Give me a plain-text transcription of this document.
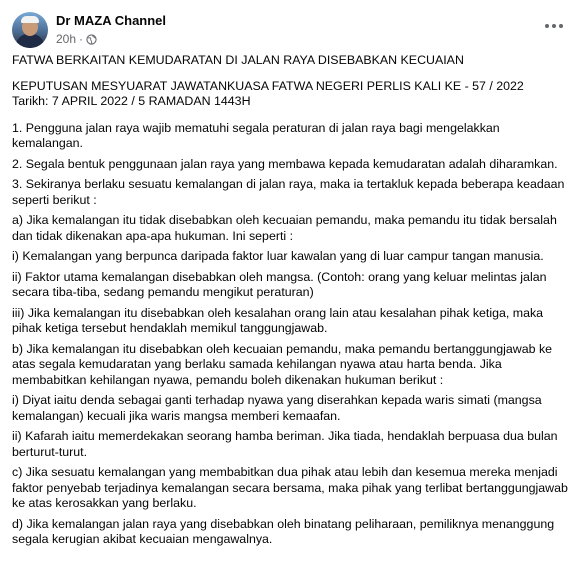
Dr MAZA Channel
20h ·

FATWA BERKAITAN KEMUDARATAN DI JALAN RAYA DISEBABKAN KECUAIAN

KEPUTUSAN MESYUARAT JAWATANKUASA FATWA NEGERI PERLIS KALI KE - 57 / 2022

Tarikh: 7 APRIL 2022 / 5 RAMADAN 1443H

1. Pengguna jalan raya wajib mematuhi segala peraturan di jalan raya bagi mengelakkan kemalangan.

2. Segala bentuk penggunaan jalan raya yang membawa kepada kemudaratan adalah diharamkan.

3. Sekiranya berlaku sesuatu kemalangan di jalan raya, maka ia tertakluk kepada beberapa keadaan seperti berikut :

a) Jika kemalangan itu tidak disebabkan oleh kecuaian pemandu, maka pemandu itu tidak bersalah dan tidak dikenakan apa-apa hukuman. Ini seperti :

i) Kemalangan yang berpunca daripada faktor luar kawalan yang di luar campur tangan manusia.

ii) Faktor utama kemalangan disebabkan oleh mangsa. (Contoh: orang yang keluar melintas jalan secara tiba-tiba, sedang pemandu mengikut peraturan)

iii) Jika kemalangan itu disebabkan oleh kesalahan orang lain atau kesalahan pihak ketiga, maka pihak ketiga tersebut hendaklah memikul tanggungjawab.

b) Jika kemalangan itu disebabkan oleh kecuaian pemandu, maka pemandu bertanggungjawab ke atas segala kemudaratan yang berlaku samada kehilangan nyawa atau harta benda. Jika membabitkan kehilangan nyawa, pemandu boleh dikenakan hukuman berikut :

i) Diyat iaitu denda sebagai ganti terhadap nyawa yang diserahkan kepada waris simati (mangsa kemalangan) kecuali jika waris mangsa memberi kemaafan.

ii) Kafarah iaitu memerdekakan seorang hamba beriman. Jika tiada, hendaklah berpuasa dua bulan berturut-turut.

c) Jika sesuatu kemalangan yang membabitkan dua pihak atau lebih dan kesemua mereka menjadi faktor penyebab terjadinya kemalangan secara bersama, maka pihak yang terlibat bertanggungjawab ke atas kerosakkan yang berlaku.

d) Jika kemalangan jalan raya yang disebabkan oleh binatang peliharaan, pemiliknya menanggung segala kerugian akibat kecuaian mengawalnya.
